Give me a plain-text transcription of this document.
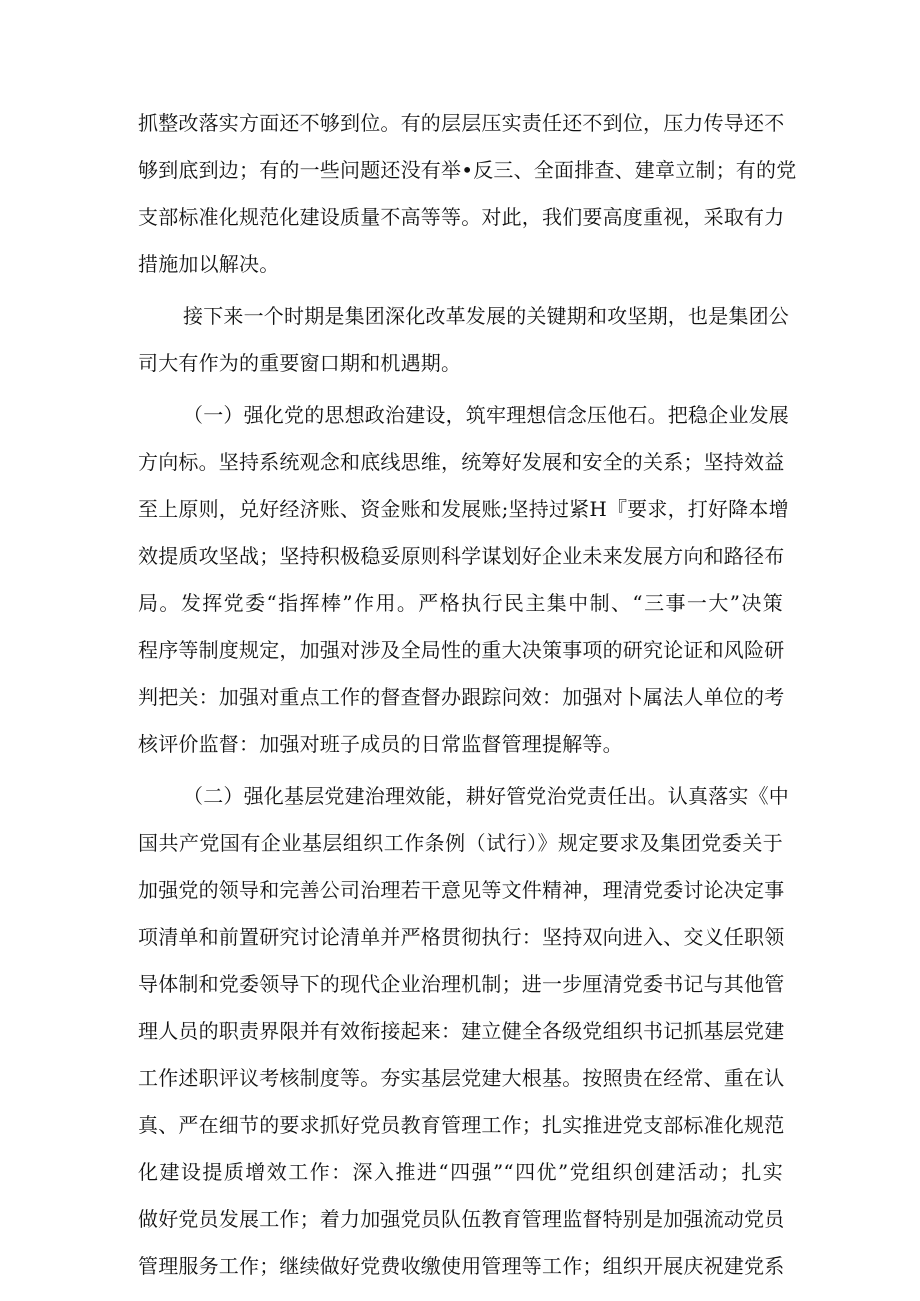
抓整改落实方面还不够到位。有的层层压实责任还不到位，压力传导还不
够到底到边；有的一些问题还没有举•反三、全面排查、建章立制；有的党
支部标准化规范化建设质量不高等等。对此，我们要高度重视，采取有力
措施加以解决。
接下来一个时期是集团深化改革发展的关键期和攻坚期，也是集团公
司大有作为的重要窗口期和机遇期。
（一）强化党的思想政治建设，筑牢理想信念压他石。把稳企业发展
方向标。坚持系统观念和底线思维，统筹好发展和安全的关系；坚持效益
至上原则，兑好经济账、资金账和发展账;坚持过紧H『要求，打好降本增
效提质攻坚战；坚持积极稳妥原则科学谋划好企业未来发展方向和路径布
局。发挥党委“指挥棒”作用。严格执行民主集中制、“三事一大”决策
程序等制度规定，加强对涉及全局性的重大决策事项的研究论证和风险研
判把关：加强对重点工作的督查督办跟踪问效：加强对卜属法人单位的考
核评价监督：加强对班子成员的日常监督管理提解等。
（二）强化基层党建治理效能，耕好管党治党责任出。认真落实《中
国共产党国有企业基层组织工作条例（试行）》规定要求及集团党委关于
加强党的领导和完善公司治理若干意见等文件精神，理清党委讨论决定事
项清单和前置研究讨论清单并严格贯彻执行：坚持双向进入、交义任职领
导体制和党委领导下的现代企业治理机制；进一步厘清党委书记与其他管
理人员的职责界限并有效衔接起来：建立健全各级党组织书记抓基层党建
工作述职评议考核制度等。夯实基层党建大根基。按照贵在经常、重在认
真、严在细节的要求抓好党员教育管理工作；扎实推进党支部标准化规范
化建设提质增效工作：深入推进“四强”“四优”党组织创建活动；扎实
做好党员发展工作；着力加强党员队伍教育管理监督特别是加强流动党员
管理服务工作；继续做好党费收缴使用管理等工作；组织开展庆祝建党系
